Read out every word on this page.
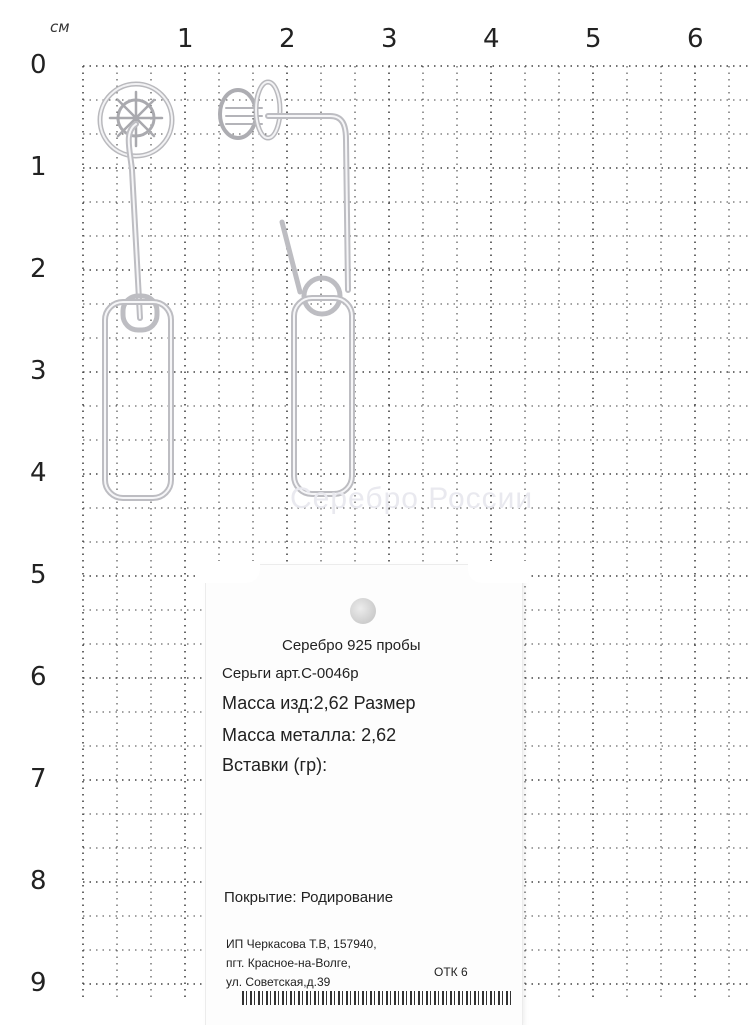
см	1	2	3	4	5	6
0
1
2
3
4
5
6
7
8
9
Серебро России
Серебро 925 пробы
Серьги арт.С-0046р
Масса изд:2,62 Размер
Масса металла: 2,62
Вставки (гр):
Покрытие: Родирование
ИП Черкасова Т.В, 157940,
пгт. Красное-на-Волге,
ул. Советская,д.39
ОТК 6
